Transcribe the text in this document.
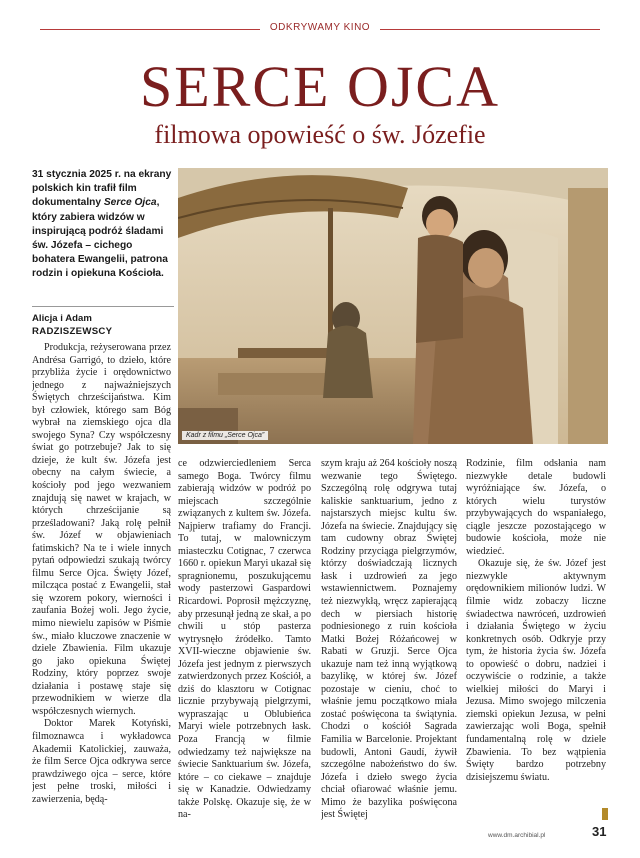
ODKRYWAMY KINO
SERCE OJCA
filmowa opowieść o św. Józefie
31 stycznia 2025 r. na ekrany polskich kin trafił film dokumentalny Serce Ojca, który zabiera widzów w inspirującą podróż śladami św. Józefa – cichego bohatera Ewangelii, patrona rodzin i opiekuna Kościoła.
Alicja i Adam
RADZISZEWSCY
Kadr z filmu „Serce Ojca”

Produkcja, reżyserowana przez Andrésa Garrigó, to dzieło, które przybliża życie i orędownictwo jednego z najważniejszych Świętych chrześcijaństwa. Kim był człowiek, którego sam Bóg wybrał na ziemskiego ojca dla swojego Syna? Czy współczesny świat go potrzebuje? Jak to się dzieje, że kult św. Józefa jest obecny na całym świecie, a kościoły pod jego wezwaniem znajdują się nawet w krajach, w których chrześcijanie są prześladowani? Jaką rolę pełnił św. Józef w objawieniach fatimskich? Na te i wiele innych pytań odpowiedzi szukają twórcy filmu Serce Ojca. Święty Józef, milcząca postać z Ewangelii, stał się wzorem pokory, wierności i zaufania Bożej woli. Jego życie, mimo niewielu zapisów w Piśmie św., miało kluczowe znaczenie w dziele Zbawienia. Film ukazuje go jako opiekuna Świętej Rodziny, który poprzez swoje działania i postawę staje się przewodnikiem w wierze dla współczesnych wiernych.

Doktor Marek Kotyński, filmoznawca i wykładowca Akademii Katolickiej, zauważa, że film Serce Ojca odkrywa serce prawdziwego ojca – serce, które jest pełne troski, miłości i zawierzenia, będą-

ce odzwierciedleniem Serca samego Boga. Twórcy filmu zabierają widzów w podróż po miejscach szczególnie związanych z kultem św. Józefa. Najpierw trafiamy do Francji. To tutaj, w malowniczym miasteczku Cotignac, 7 czerwca 1660 r. opiekun Maryi ukazał się spragnionemu, poszukującemu wody pasterzowi Gaspardowi Ricardowi. Poprosił mężczyznę, aby przesunął jedną ze skał, a po chwili u stóp pasterza wytrysnęło źródełko. Tamto XVII-wieczne objawienie św. Józefa jest jednym z pierwszych zatwierdzonych przez Kościół, a dziś do klasztoru w Cotignac licznie przybywają pielgrzymi, wypraszając u Oblubieńca Maryi wiele potrzebnych łask. Poza Francją w filmie odwiedzamy też największe na świecie Sanktuarium św. Józefa, które – co ciekawe – znajduje się w Kanadzie. Odwiedzamy także Polskę. Okazuje się, że w na-

szym kraju aż 264 kościoły noszą wezwanie tego Świętego. Szczególną rolę odgrywa tutaj kaliskie sanktuarium, jedno z najstarszych miejsc kultu św. Józefa na świecie. Znajdujący się tam cudowny obraz Świętej Rodziny przyciąga pielgrzymów, którzy doświadczają licznych łask i uzdrowień za jego wstawiennictwem. Poznajemy też niezwykłą, wręcz zapierającą dech w piersiach historię podniesionego z ruin kościoła Matki Bożej Różańcowej w Rabati w Gruzji. Serce Ojca ukazuje nam też inną wyjątkową bazylikę, w której św. Józef pozostaje w cieniu, choć to właśnie jemu początkowo miała zostać poświęcona ta świątynia. Chodzi o kościół Sagrada Familia w Barcelonie. Projektant budowli, Antoni Gaudí, żywił szczególne nabożeństwo do św. Józefa i dzieło swego życia chciał ofiarować właśnie jemu. Mimo że bazylika poświęcona jest Świętej

Rodzinie, film odsłania nam niezwykłe detale budowli wyróżniające św. Józefa, o których wielu turystów przybywających do wspaniałego, ciągle jeszcze pozostającego w budowie kościoła, może nie wiedzieć.

Okazuje się, że św. Józef jest niezwykle aktywnym orędownikiem milionów ludzi. W filmie widz zobaczy liczne świadectwa nawróceń, uzdrowień i działania Świętego w życiu konkretnych osób. Odkryje przy tym, że historia życia św. Józefa to opowieść o dobru, nadziei i oczywiście o rodzinie, a także wielkiej miłości do Maryi i Jezusa. Mimo swojego milczenia ziemski opiekun Jezusa, w pełni zawierzając woli Boga, spełnił fundamentalną rolę w dziele Zbawienia. To bez wątpienia Święty bardzo potrzebny dzisiejszemu światu.

www.dm.archibial.pl	31
